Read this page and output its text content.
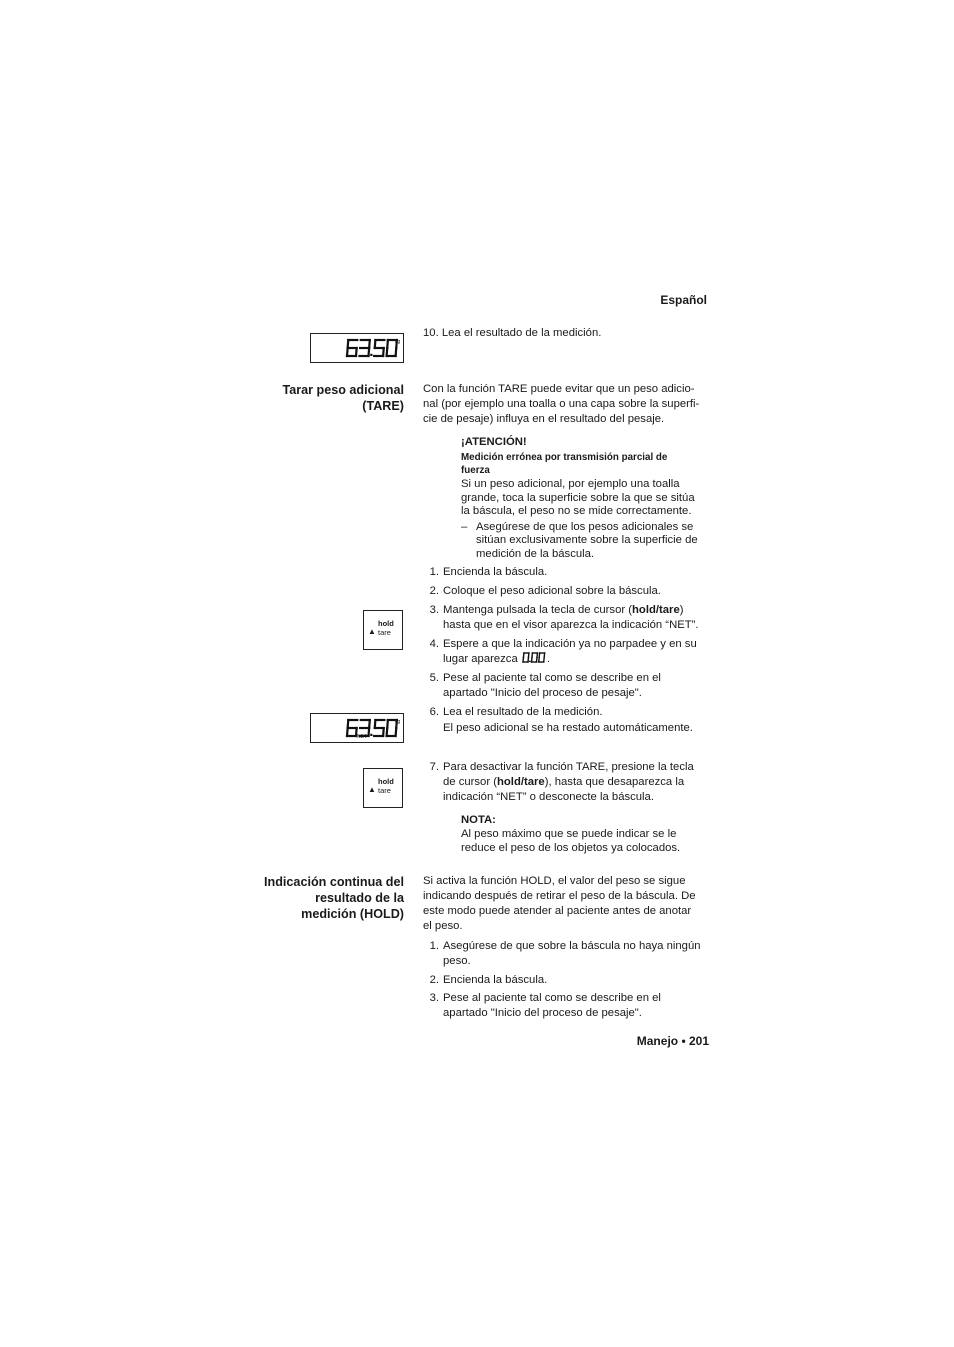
Español
kg
10. Lea el resultado de la medición.
Tarar peso adicional
(TARE)
Con la función TARE puede evitar que un peso adicio-
nal (por ejemplo una toalla o una capa sobre la superfi-
cie de pesaje) influya en el resultado del pesaje.
¡ATENCIÓN!
Medición errónea por transmisión parcial de
fuerza
Si un peso adicional, por ejemplo una toalla
grande, toca la superficie sobre la que se sitúa
la báscula, el peso no se mide correctamente.
– Asegúrese de que los pesos adicionales se
sitúan exclusivamente sobre la superficie de
medición de la báscula.
1. Encienda la báscula.
2. Coloque el peso adicional sobre la báscula.
▲
hold
tare
3. Mantenga pulsada la tecla de cursor (hold/tare)
hasta que en el visor aparezca la indicación “NET”.
4. Espere a que la indicación ya no parpadee y en su
lugar aparezca .
5. Pese al paciente tal como se describe en el
apartado "Inicio del proceso de pesaje".
kg
NET
6. Lea el resultado de la medición.
El peso adicional se ha restado automáticamente.
▲
hold
tare
7. Para desactivar la función TARE, presione la tecla
de cursor (hold/tare), hasta que desaparezca la
indicación “NET” o desconecte la báscula.
NOTA:
Al peso máximo que se puede indicar se le
reduce el peso de los objetos ya colocados.
Indicación continua del
resultado de la
medición (HOLD)
Si activa la función HOLD, el valor del peso se sigue
indicando después de retirar el peso de la báscula. De
este modo puede atender al paciente antes de anotar
el peso.
1. Asegúrese de que sobre la báscula no haya ningún
peso.
2. Encienda la báscula.
3. Pese al paciente tal como se describe en el
apartado "Inicio del proceso de pesaje".
Manejo • 201
